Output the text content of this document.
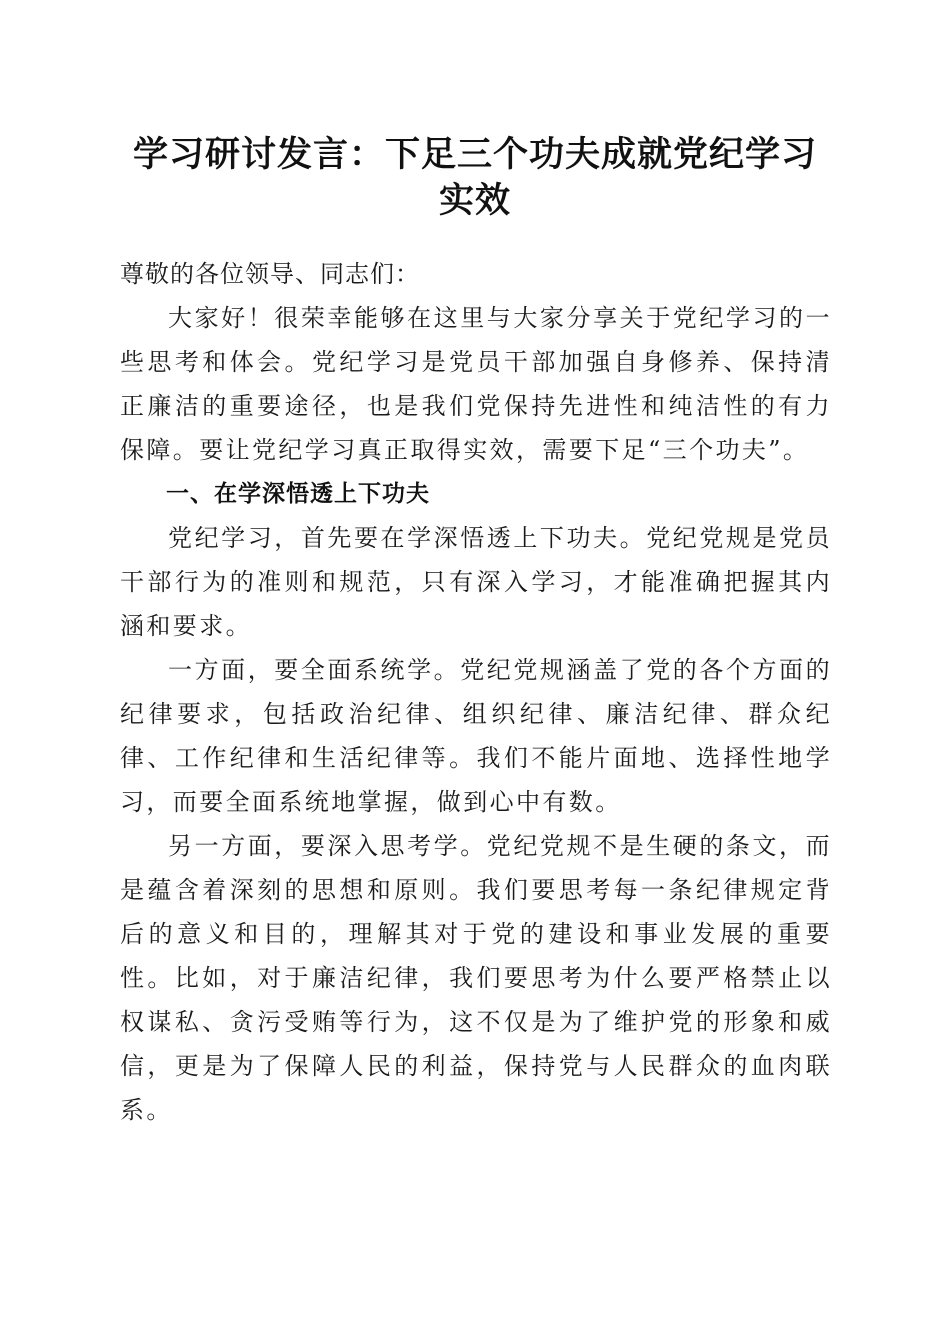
学习研讨发言：下足三个功夫成就党纪学习实效

尊敬的各位领导、同志们：

大家好！很荣幸能够在这里与大家分享关于党纪学习的一些思考和体会。党纪学习是党员干部加强自身修养、保持清正廉洁的重要途径，也是我们党保持先进性和纯洁性的有力保障。要让党纪学习真正取得实效，需要下足“三个功夫”。

一、在学深悟透上下功夫

党纪学习，首先要在学深悟透上下功夫。党纪党规是党员干部行为的准则和规范，只有深入学习，才能准确把握其内涵和要求。

一方面，要全面系统学。党纪党规涵盖了党的各个方面的纪律要求，包括政治纪律、组织纪律、廉洁纪律、群众纪律、工作纪律和生活纪律等。我们不能片面地、选择性地学习，而要全面系统地掌握，做到心中有数。

另一方面，要深入思考学。党纪党规不是生硬的条文，而是蕴含着深刻的思想和原则。我们要思考每一条纪律规定背后的意义和目的，理解其对于党的建设和事业发展的重要性。比如，对于廉洁纪律，我们要思考为什么要严格禁止以权谋私、贪污受贿等行为，这不仅是为了维护党的形象和威信，更是为了保障人民的利益，保持党与人民群众的血肉联系。
